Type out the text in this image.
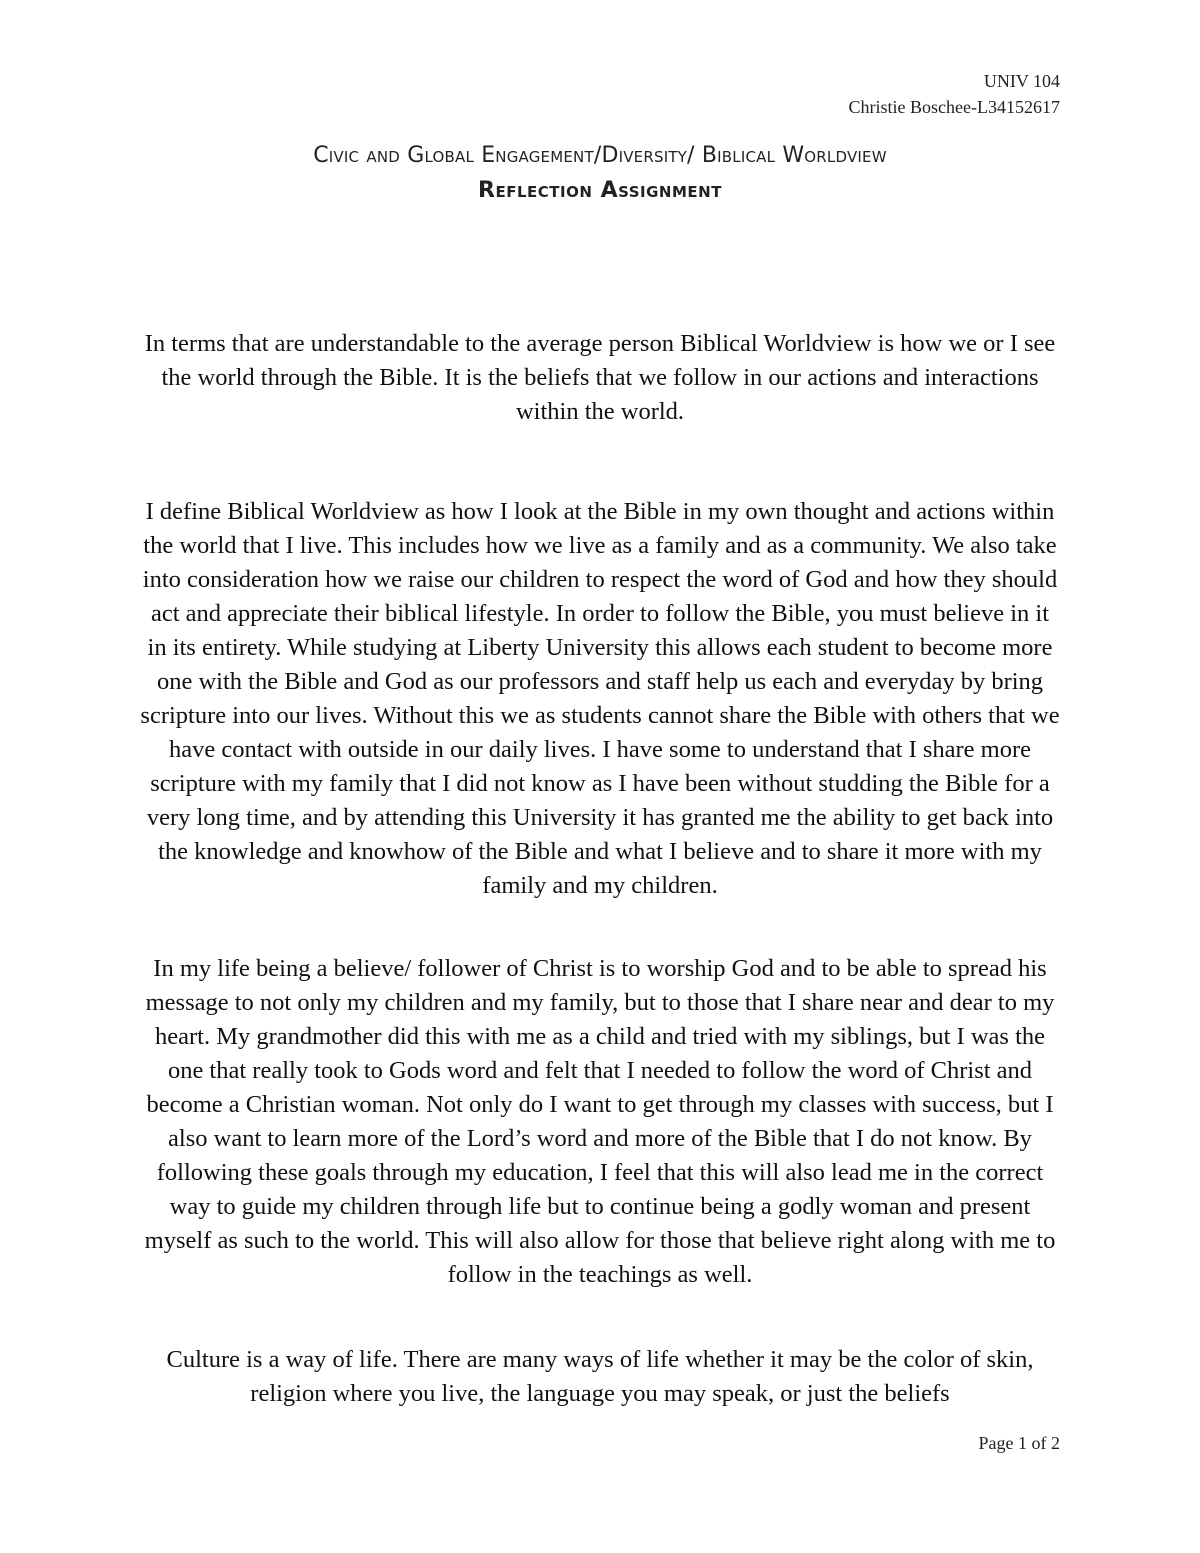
UNIV 104
Christie Boschee-L34152617
Civic and Global Engagement/Diversity/ Biblical Worldview
Reflection Assignment

In terms that are understandable to the average person Biblical Worldview is how we or I see the world through the Bible. It is the beliefs that we follow in our actions and interactions within the world.

I define Biblical Worldview as how I look at the Bible in my own thought and actions within the world that I live. This includes how we live as a family and as a community. We also take into consideration how we raise our children to respect the word of God and how they should act and appreciate their biblical lifestyle. In order to follow the Bible, you must believe in it in its entirety. While studying at Liberty University this allows each student to become more one with the Bible and God as our professors and staff help us each and everyday by bring scripture into our lives. Without this we as students cannot share the Bible with others that we have contact with outside in our daily lives. I have some to understand that I share more scripture with my family that I did not know as I have been without studding the Bible for a very long time, and by attending this University it has granted me the ability to get back into the knowledge and knowhow of the Bible and what I believe and to share it more with my family and my children.

In my life being a believe/ follower of Christ is to worship God and to be able to spread his message to not only my children and my family, but to those that I share near and dear to my heart. My grandmother did this with me as a child and tried with my siblings, but I was the one that really took to Gods word and felt that I needed to follow the word of Christ and become a Christian woman. Not only do I want to get through my classes with success, but I also want to learn more of the Lord’s word and more of the Bible that I do not know. By following these goals through my education, I feel that this will also lead me in the correct way to guide my children through life but to continue being a godly woman and present myself as such to the world. This will also allow for those that believe right along with me to follow in the teachings as well.

Culture is a way of life. There are many ways of life whether it may be the color of skin, religion where you live, the language you may speak, or just the beliefs

Page 1 of 2
